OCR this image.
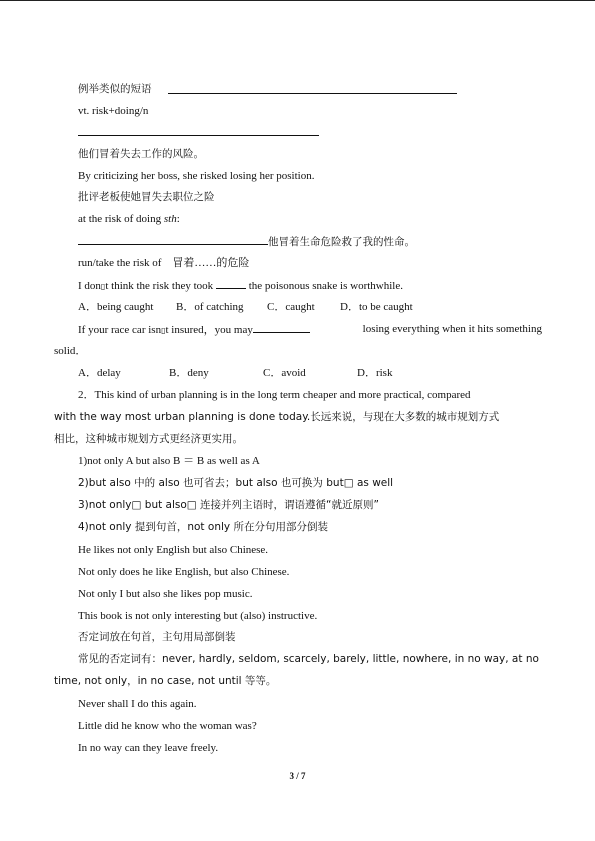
例举类似的短语
vt. risk+doing/n
他们冒着失去工作的风险。
By criticizing her boss, she risked losing her position.
批评老板使她冒失去职位之险
at the risk of doing sth:
他冒着生命危险救了我的性命。
run/take the risk of　冒着……的危险
I don▯t think the risk they took	the poisonous snake is worthwhile.
A．being caught B．of catching C．caught D．to be caught
If your race car isn▯t insured，you may	losing everything when it hits something
solid．
A．delay	B．deny	C．avoid	D．risk
2．This kind of urban planning is in the long term cheaper and more practical, compared
with the way most urban planning is done today.长远来说，与现在大多数的城市规划方式
相比，这种城市规划方式更经济更实用。
1)not only A but also B ＝ B as well as A
2)but also 中的 also 也可省去；but also 也可换为 but□ as well
3)not only□ but also□ 连接并列主语时，谓语遵循“就近原则”
4)not only 提到句首，not only 所在分句用部分倒装
He likes not only English but also Chinese.
Not only does he like English, but also Chinese.
Not only I but also she likes pop music.
This book is not only interesting but (also) instructive.
否定词放在句首，主句用局部倒装
常见的否定词有：never, hardly, seldom, scarcely, barely, little, nowhere, in no way, at no
time, not only，in no case, not until 等等。
Never shall I do this again.
Little did he know who the woman was?
In no way can they leave freely.
3 / 7
